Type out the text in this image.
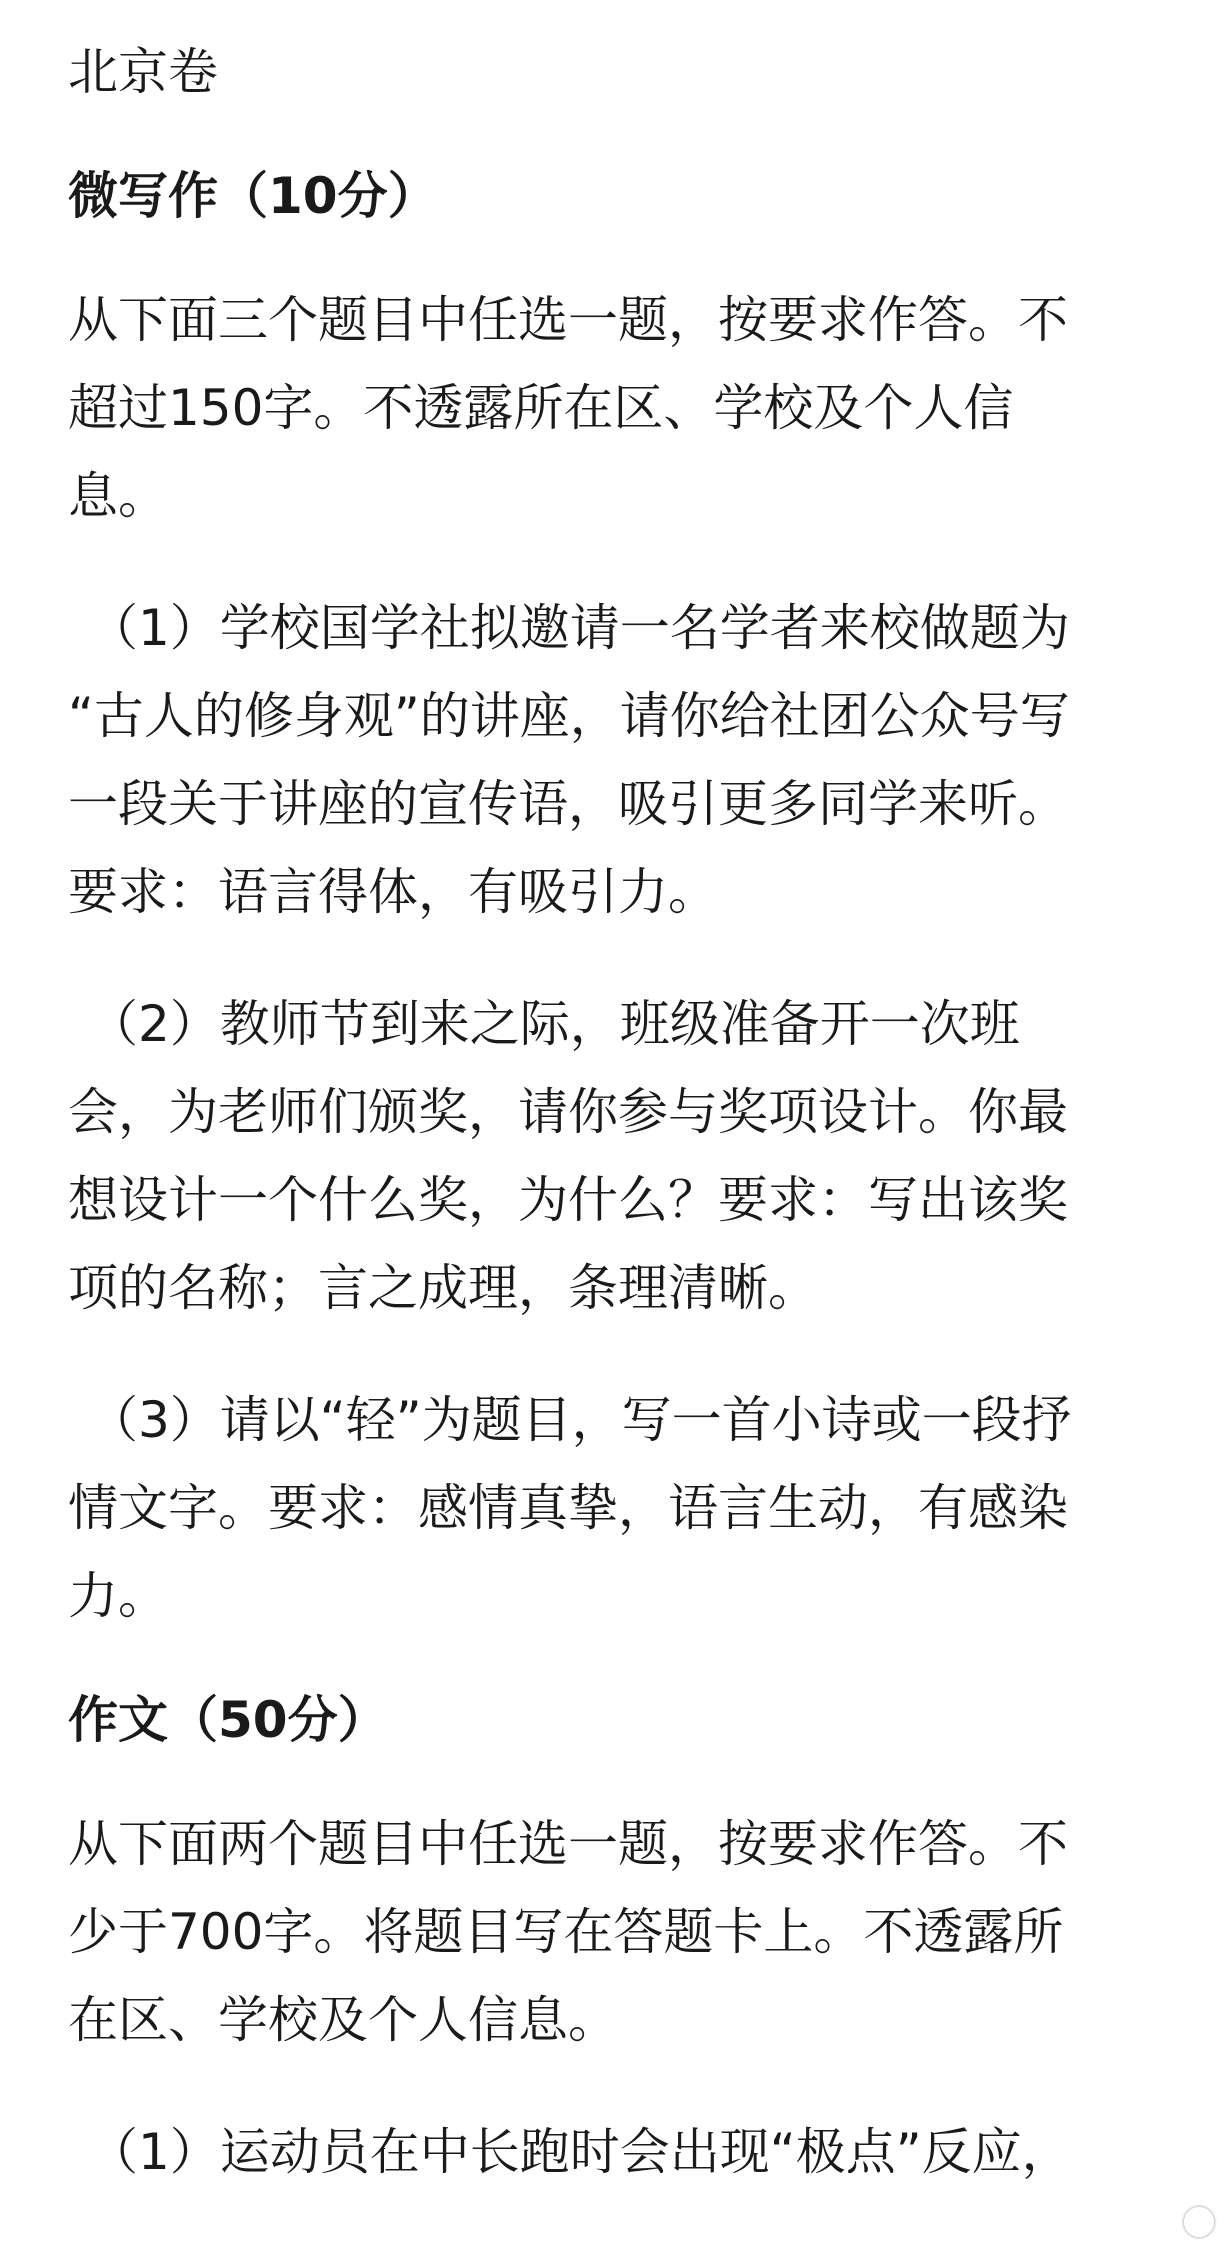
北京卷
微写作（10分）
从下面三个题目中任选一题，按要求作答。不
超过150字。不透露所在区、学校及个人信
息。
（1）学校国学社拟邀请一名学者来校做题为
“古人的修身观”的讲座，请你给社团公众号写
一段关于讲座的宣传语，吸引更多同学来听。
要求：语言得体，有吸引力。
（2）教师节到来之际，班级准备开一次班
会，为老师们颁奖，请你参与奖项设计。你最
想设计一个什么奖，为什么？要求：写出该奖
项的名称；言之成理，条理清晰。
（3）请以“轻”为题目，写一首小诗或一段抒
情文字。要求：感情真挚，语言生动，有感染
力。
作文（50分）
从下面两个题目中任选一题，按要求作答。不
少于700字。将题目写在答题卡上。不透露所
在区、学校及个人信息。
（1）运动员在中长跑时会出现“极点”反应，
